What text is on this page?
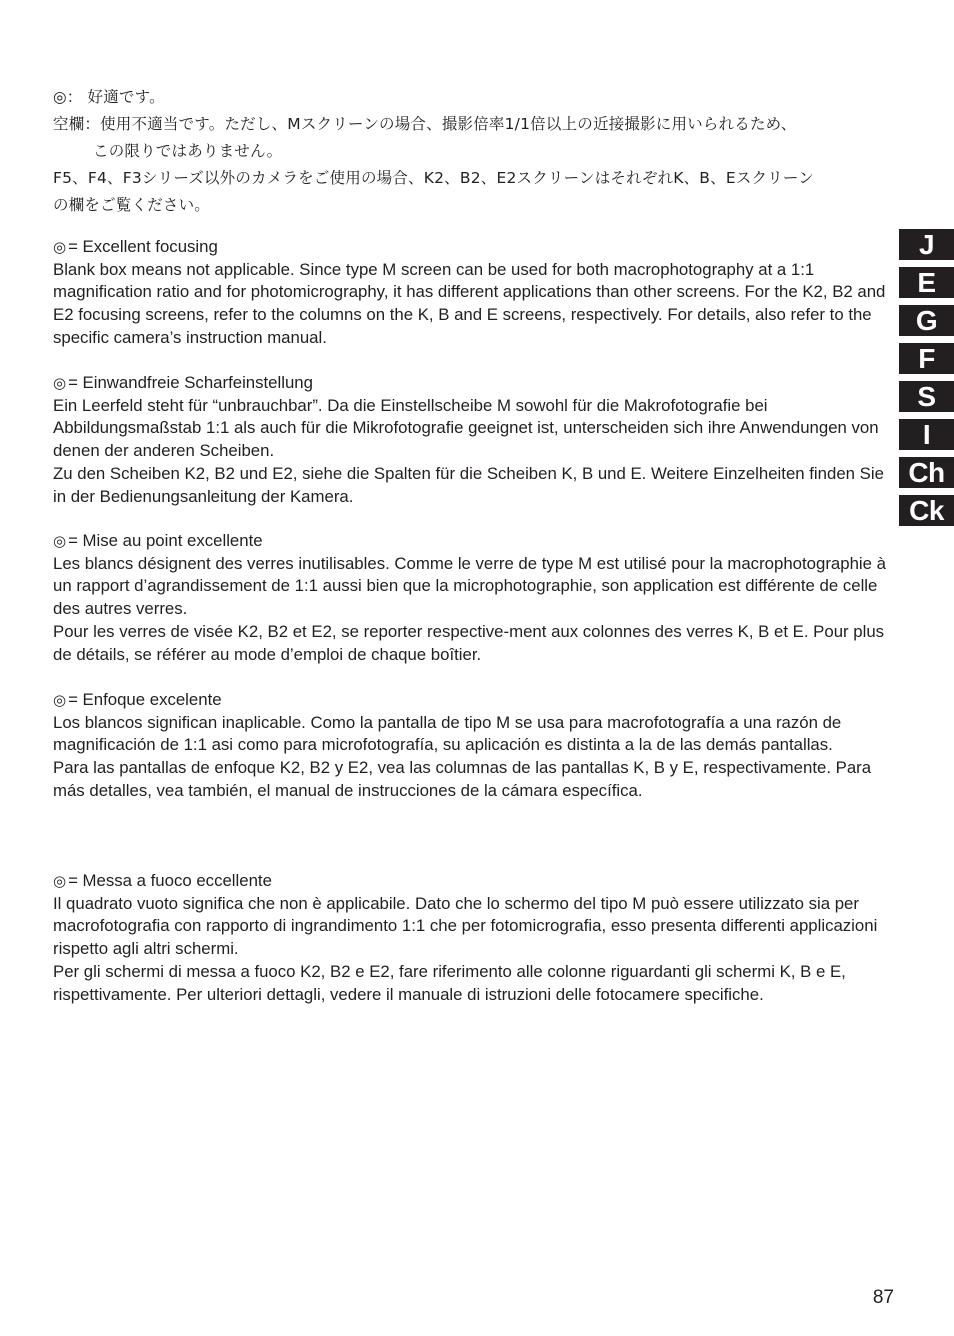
◎： 好適です。

空欄：使用不適当です。ただし、Mスクリーンの場合、撮影倍率1/1倍以上の近接撮影に用いられるため、

この限りではありません。

F5、F4、F3シリーズ以外のカメラをご使用の場合、K2、B2、E2スクリーンはそれぞれK、B、Eスクリーン

の欄をご覧ください。

◎ = Excellent focusing

Blank box means not applicable. Since type M screen can be used for both macrophotography at a 1:1 magnification ratio and for photomicrography, it has different applications than other screens. For the K2, B2 and E2 focusing screens, refer to the columns on the K, B and E screens, respectively. For details, also refer to the specific camera’s instruction manual.

◎ = Einwandfreie Scharfeinstellung

Ein Leerfeld steht für “unbrauchbar”. Da die Einstellscheibe M sowohl für die Makrofotografie bei Abbildungsmaßstab 1:1 als auch für die Mikrofotografie geeignet ist, unterscheiden sich ihre Anwendungen von denen der anderen Scheiben.

Zu den Scheiben K2, B2 und E2, siehe die Spalten für die Scheiben K, B und E. Weitere Einzelheiten finden Sie in der Bedienungsanleitung der Kamera.

◎ = Mise au point excellente

Les blancs désignent des verres inutilisables. Comme le verre de type M est utilisé pour la macrophotographie à un rapport d’agrandissement de 1:1 aussi bien que la microphotographie, son application est différente de celle des autres verres.

Pour les verres de visée K2, B2 et E2, se reporter respective-ment aux colonnes des verres K, B et E. Pour plus de détails, se référer au mode d’emploi de chaque boîtier.

◎ = Enfoque excelente

Los blancos significan inaplicable. Como la pantalla de tipo M se usa para macrofotografía a una razón de magnificación de 1:1 asi como para microfotografía, su aplicación es distinta a la de las demás pantallas.

Para las pantallas de enfoque K2, B2 y E2, vea las columnas de las pantallas K, B y E, respectivamente. Para más detalles, vea también, el manual de instrucciones de la cámara específica.

◎ = Messa a fuoco eccellente

Il quadrato vuoto significa che non è applicabile. Dato che lo schermo del tipo M può essere utilizzato sia per macrofotografia con rapporto di ingrandimento 1:1 che per fotomicrografia, esso presenta differenti applicazioni rispetto agli altri schermi.

Per gli schermi di messa a fuoco K2, B2 e E2, fare riferimento alle colonne riguardanti gli schermi K, B e E, rispettivamente. Per ulteriori dettagli, vedere il manuale di istruzioni delle fotocamere specifiche.

J
E
G
F
S
I
Ch
Ck
87
